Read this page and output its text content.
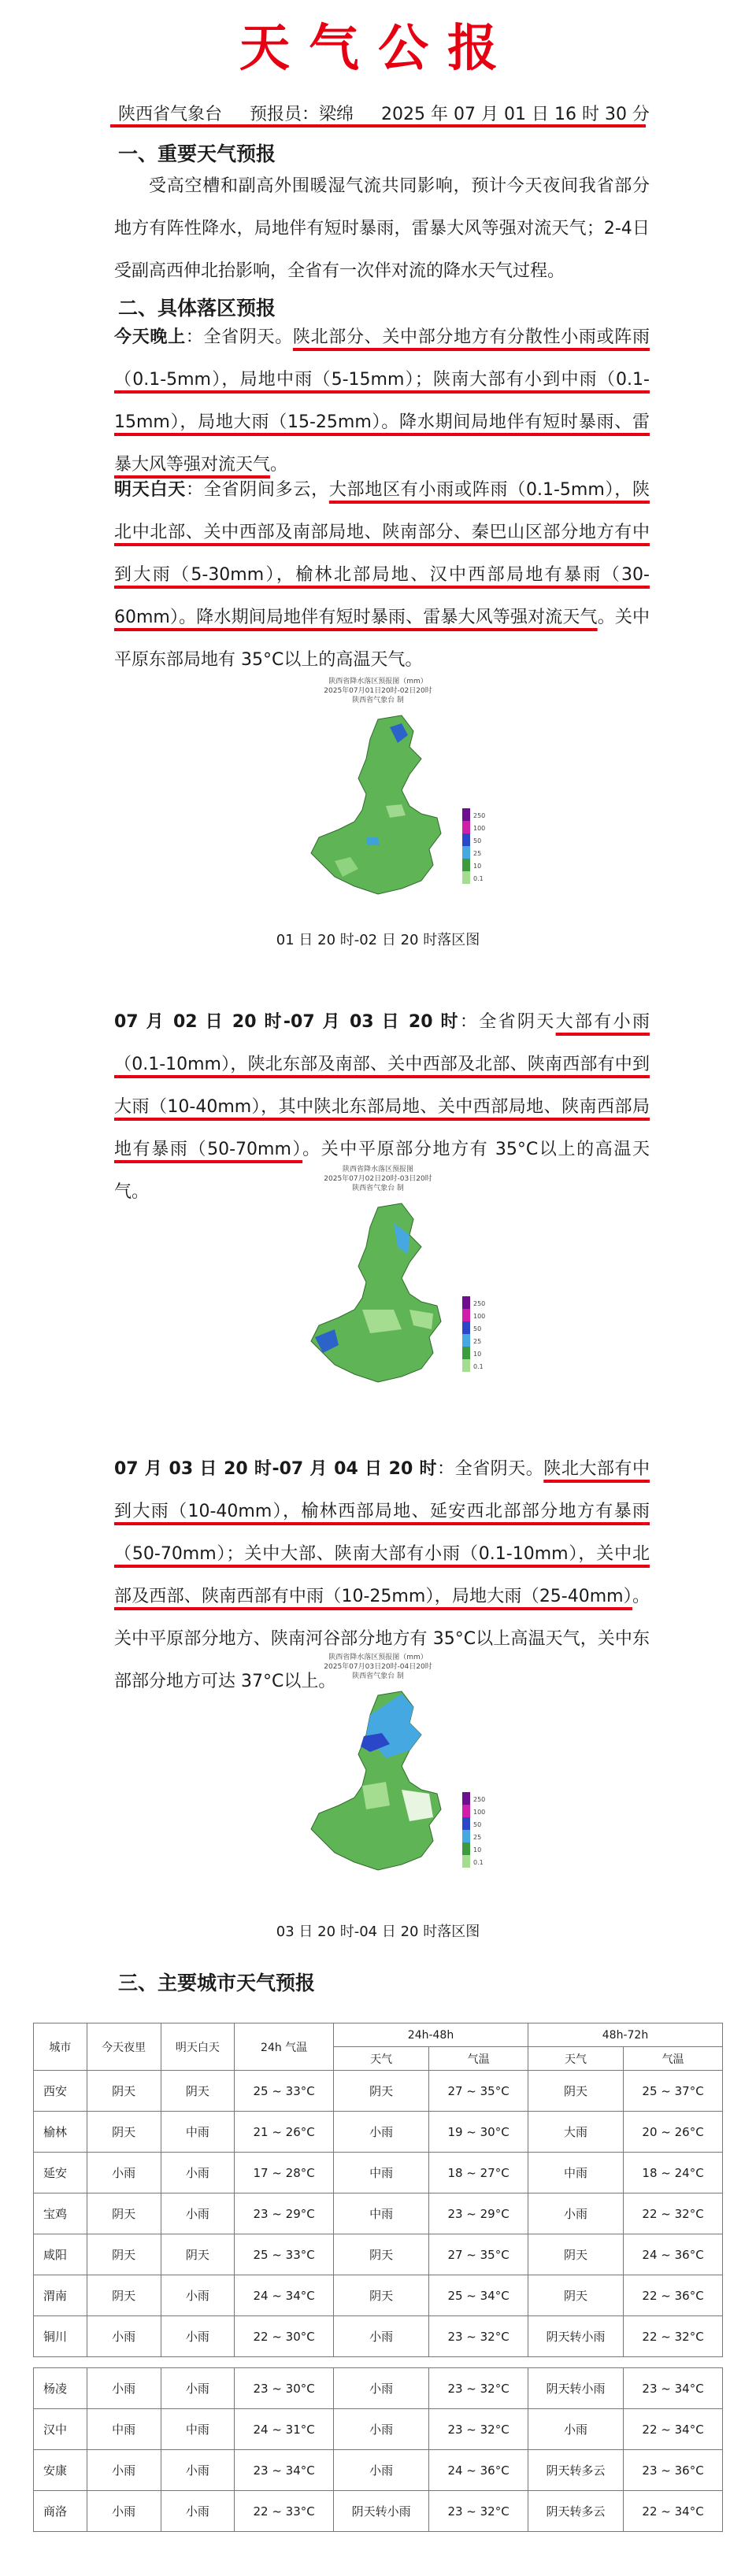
天气公报
陕西省气象台 预报员：梁绵 2025 年 07 月 01 日 16 时 30 分
一、重要天气预报
受高空槽和副高外围暖湿气流共同影响，预计今天夜间我省部分地方有阵性降水，局地伴有短时暴雨，雷暴大风等强对流天气；2-4日受副高西伸北抬影响，全省有一次伴对流的降水天气过程。
二、具体落区预报
今天晚上：全省阴天。陕北部分、关中部分地方有分散性小雨或阵雨（0.1-5mm），局地中雨（5-15mm）；陕南大部有小到中雨（0.1-15mm），局地大雨（15-25mm）。降水期间局地伴有短时暴雨、雷暴大风等强对流天气。
明天白天：全省阴间多云，大部地区有小雨或阵雨（0.1-5mm），陕北中北部、关中西部及南部局地、陕南部分、秦巴山区部分地方有中到大雨（5-30mm），榆林北部局地、汉中西部局地有暴雨（30-60mm）。降水期间局地伴有短时暴雨、雷暴大风等强对流天气。关中平原东部局地有 35°C以上的高温天气。
陕西省降水落区预报图（mm）
2025年07月01日20时-02日20时
陕西省气象台 制
250
100
50
25
10
0.1
01 日 20 时-02 日 20 时落区图
07 月 02 日 20 时-07 月 03 日 20 时：全省阴天大部有小雨（0.1-10mm），陕北东部及南部、关中西部及北部、陕南西部有中到大雨（10-40mm），其中陕北东部局地、关中西部局地、陕南西部局地有暴雨（50-70mm）。关中平原部分地方有 35°C以上的高温天气。
陕西省降水落区预报图
2025年07月02日20时-03日20时
陕西省气象台 制
250
100
50
25
10
0.1
07 月 03 日 20 时-07 月 04 日 20 时：全省阴天。陕北大部有中到大雨（10-40mm），榆林西部局地、延安西北部部分地方有暴雨（50-70mm）；关中大部、陕南大部有小雨（0.1-10mm），关中北部及西部、陕南西部有中雨（10-25mm），局地大雨（25-40mm）。关中平原部分地方、陕南河谷部分地方有 35°C以上高温天气，关中东部部分地方可达 37°C以上。
陕西省降水落区预报图（mm）
2025年07月03日20时-04日20时
陕西省气象台 制
250
100
50
25
10
0.1
03 日 20 时-04 日 20 时落区图
三、主要城市天气预报
城市	今天夜里	明天白天	24h 气温	24h-48h		48h-72h	
				天气	气温	天气	气温
西安	阴天	阴天	25 ~ 33°C	阴天	27 ~ 35°C	阴天	25 ~ 37°C
榆林	阴天	中雨	21 ~ 26°C	小雨	19 ~ 30°C	大雨	20 ~ 26°C
延安	小雨	小雨	17 ~ 28°C	中雨	18 ~ 27°C	中雨	18 ~ 24°C
宝鸡	阴天	小雨	23 ~ 29°C	中雨	23 ~ 29°C	小雨	22 ~ 32°C
咸阳	阴天	阴天	25 ~ 33°C	阴天	27 ~ 35°C	阴天	24 ~ 36°C
渭南	阴天	小雨	24 ~ 34°C	阴天	25 ~ 34°C	阴天	22 ~ 36°C
铜川	小雨	小雨	22 ~ 30°C	小雨	23 ~ 32°C	阴天转小雨	22 ~ 32°C

杨凌	小雨	小雨	23 ~ 30°C	小雨	23 ~ 32°C	阴天转小雨	23 ~ 34°C
汉中	中雨	中雨	24 ~ 31°C	小雨	23 ~ 32°C	小雨	22 ~ 34°C
安康	小雨	小雨	23 ~ 34°C	小雨	24 ~ 36°C	阴天转多云	23 ~ 36°C
商洛	小雨	小雨	22 ~ 33°C	阴天转小雨	23 ~ 32°C	阴天转多云	22 ~ 34°C
